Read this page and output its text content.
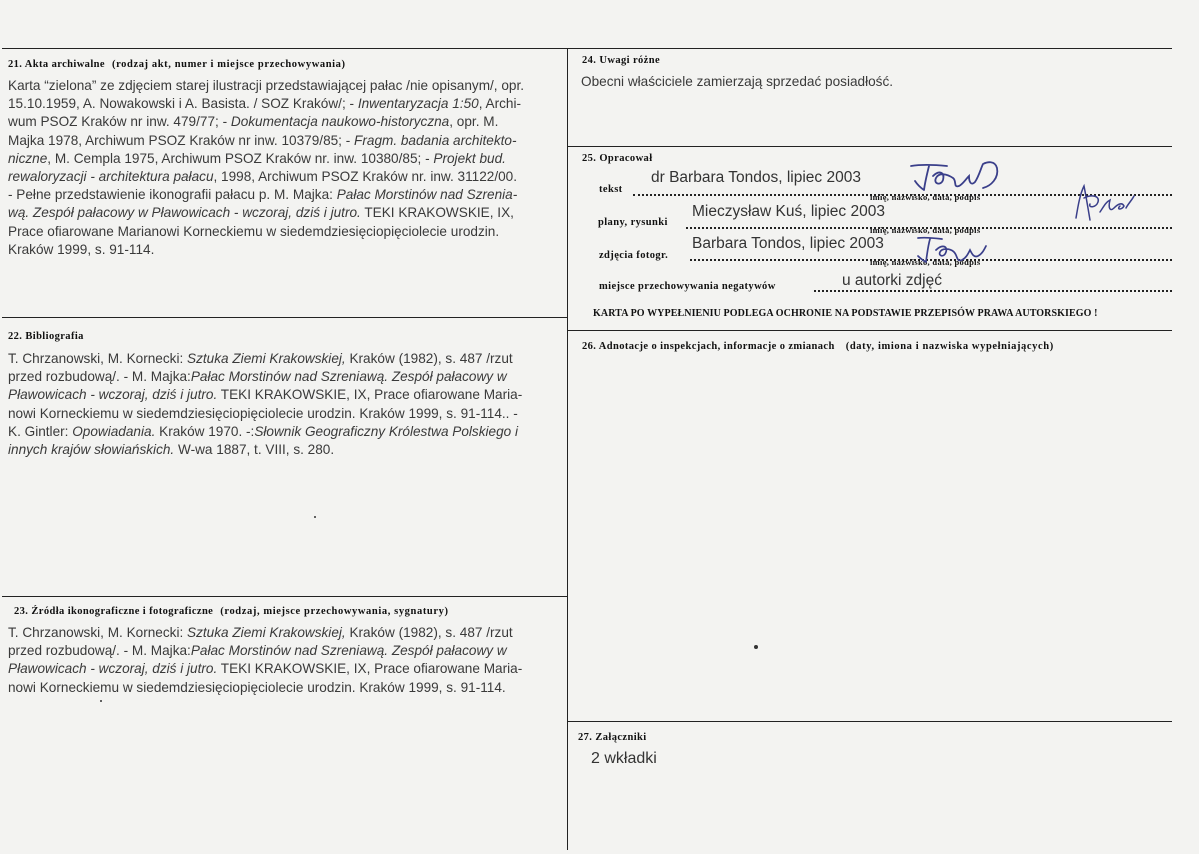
21. Akta archiwalne (rodzaj akt, numer i miejsce przechowywania)
Karta “zielona” ze zdjęciem starej ilustracji przedstawiającej pałac /nie opisanym/, opr.
15.10.1959, A. Nowakowski i A. Basista. / SOZ Kraków/; - Inwentaryzacja 1:50, Archi-
wum PSOZ Kraków nr inw. 479/77; - Dokumentacja naukowo-historyczna, opr. M.
Majka 1978, Archiwum PSOZ Kraków nr inw. 10379/85; - Fragm. badania architekto-
niczne, M. Cempla 1975, Archiwum PSOZ Kraków nr. inw. 10380/85; - Projekt bud.
rewaloryzacji - architektura pałacu, 1998, Archiwum PSOZ Kraków nr. inw. 31122/00.
- Pełne przedstawienie ikonografii pałacu p. M. Majka: Pałac Morstinów nad Szrenia-
wą. Zespół pałacowy w Pławowicach - wczoraj, dziś i jutro. TEKI KRAKOWSKIE, IX,
Prace ofiarowane Marianowi Korneckiemu w siedemdziesięciopięciolecie urodzin.
Kraków 1999, s. 91-114.
22. Bibliografia
T. Chrzanowski, M. Kornecki: Sztuka Ziemi Krakowskiej, Kraków (1982), s. 487 /rzut
przed rozbudową/. - M. Majka:Pałac Morstinów nad Szreniawą. Zespół pałacowy w
Pławowicach - wczoraj, dziś i jutro. TEKI KRAKOWSKIE, IX, Prace ofiarowane Maria-
nowi Korneckiemu w siedemdziesięciopięciolecie urodzin. Kraków 1999, s. 91-114.. -
K. Gintler: Opowiadania. Kraków 1970. -:Słownik Geograficzny Królestwa Polskiego i
innych krajów słowiańskich. W-wa 1887, t. VIII, s. 280.
23. Źródła ikonograficzne i fotograficzne (rodzaj, miejsce przechowywania, sygnatury)
T. Chrzanowski, M. Kornecki: Sztuka Ziemi Krakowskiej, Kraków (1982), s. 487 /rzut
przed rozbudową/. - M. Majka:Pałac Morstinów nad Szreniawą. Zespół pałacowy w
Pławowicach - wczoraj, dziś i jutro. TEKI KRAKOWSKIE, IX, Prace ofiarowane Maria-
nowi Korneckiemu w siedemdziesięciopięciolecie urodzin. Kraków 1999, s. 91-114.
24. Uwagi różne
Obecni właściciele zamierzają sprzedać posiadłość.
25. Opracował
tekst
dr Barbara Tondos, lipiec 2003
imię, nazwisko, data, podpis
plany, rysunki
Mieczysław Kuś, lipiec 2003
imię, nazwisko, data, podpis
zdjęcia fotogr.
Barbara Tondos, lipiec 2003
imię, nazwisko, data, podpis
miejsce przechowywania negatywów	u autorki zdjęć
KARTA PO WYPEŁNIENIU PODLEGA OCHRONIE NA PODSTAWIE PRZEPISÓW PRAWA AUTORSKIEGO !
26. Adnotacje o inspekcjach, informacje o zmianach (daty, imiona i nazwiska wypełniających)
27. Załączniki
2 wkładki
